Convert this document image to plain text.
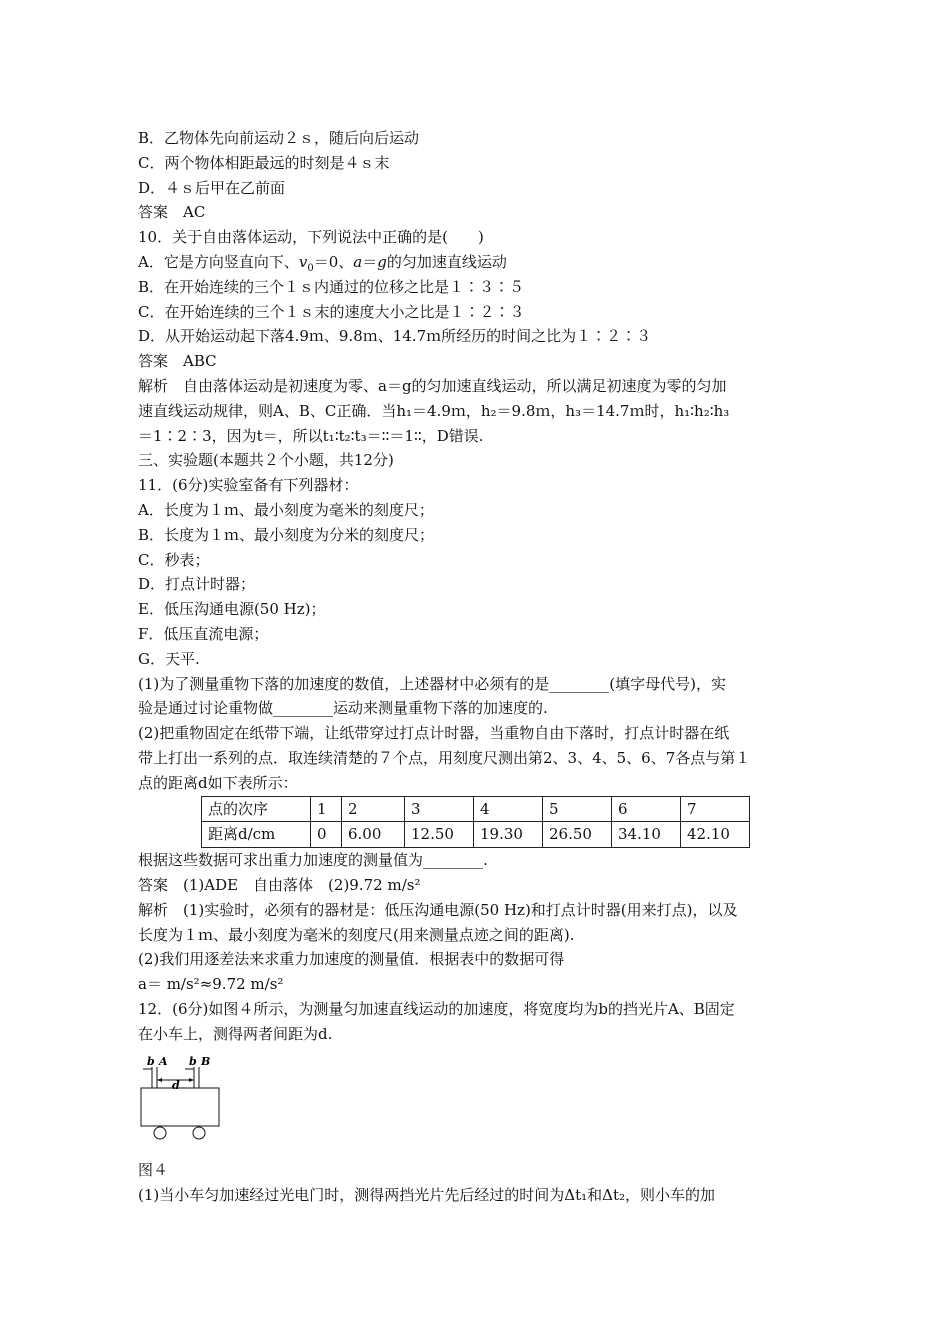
B．乙物体先向前运动２ｓ，随后向后运动

C．两个物体相距最远的时刻是４ｓ末

D．４ｓ后甲在乙前面

答案　AC

10．关于自由落体运动，下列说法中正确的是(　　)

A．它是方向竖直向下、$v_0=0$、a＝g的匀加速直线运动

B．在开始连续的三个１ｓ内通过的位移之比是１∶３∶５

C．在开始连续的三个１ｓ末的速度大小之比是１∶２∶３

D．从开始运动起下落4.9ｍ、9.8ｍ、14.7ｍ所经历的时间之比为１∶２∶３

答案　ABC

解析　自由落体运动是初速度为零、a＝g的匀加速直线运动，所以满足初速度为零的匀加

速直线运动规律，则A、B、C正确．当h₁＝4.9ｍ，h₂＝9.8ｍ，h₃＝14.7ｍ时，h₁∶h₂∶h₃

＝1∶2∶3，因为t＝，所以t₁∶t₂∶t₃＝∶∶＝1∶∶，D错误.

三、实验题(本题共２个小题，共12分)

11．(6分)实验室备有下列器材：

A．长度为１ｍ、最小刻度为毫米的刻度尺；

B．长度为１ｍ、最小刻度为分米的刻度尺；

C．秒表；

D．打点计时器；

E．低压沟通电源(50 Hz)；

F．低压直流电源；

G．天平.

(1)为了测量重物下落的加速度的数值，上述器材中必须有的是________(填字母代号)，实

验是通过讨论重物做________运动来测量重物下落的加速度的.

(2)把重物固定在纸带下端，让纸带穿过打点计时器，当重物自由下落时，打点计时器在纸

带上打出一系列的点．取连续清楚的７个点，用刻度尺测出第2、3、4、5、6、7各点与第１

点的距离d如下表所示：

点的次序	1	2	3	4	5	6	7
距离d/cm	0	6.00	12.50	19.30	26.50	34.10	42.10

根据这些数据可求出重力加速度的测量值为________.

答案　(1)ADE　自由落体　(2)9.72 m/s²

解析　(1)实验时，必须有的器材是：低压沟通电源(50 Hz)和打点计时器(用来打点)，以及

长度为１ｍ、最小刻度为毫米的刻度尺(用来测量点迹之间的距离).

(2)我们用逐差法来求重力加速度的测量值．根据表中的数据可得

a＝ m/s²≈9.72 m/s²

12．(6分)如图４所示，为测量匀加速直线运动的加速度，将宽度均为b的挡光片A、B固定

在小车上，测得两者间距为d.

b A b B
d

图４

(1)当小车匀加速经过光电门时，测得两挡光片先后经过的时间为Δt₁和Δt₂，则小车的加
